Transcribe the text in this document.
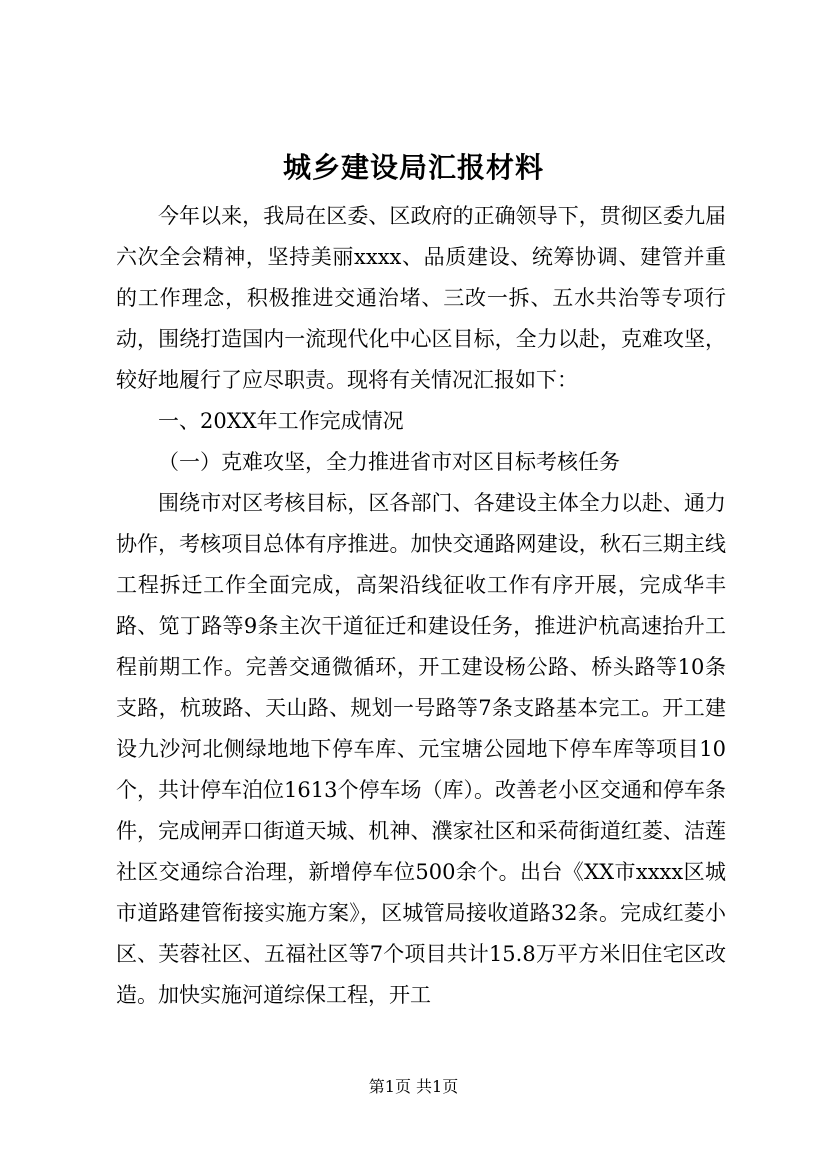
城乡建设局汇报材料

今年以来，我局在区委、区政府的正确领导下，贯彻区委九届六次全会精神，坚持美丽xxxx、品质建设、统筹协调、建管并重的工作理念，积极推进交通治堵、三改一拆、五水共治等专项行动，围绕打造国内一流现代化中心区目标，全力以赴，克难攻坚，较好地履行了应尽职责。现将有关情况汇报如下：

一、20XX年工作完成情况

（一）克难攻坚，全力推进省市对区目标考核任务

围绕市对区考核目标，区各部门、各建设主体全力以赴、通力协作，考核项目总体有序推进。加快交通路网建设，秋石三期主线工程拆迁工作全面完成，高架沿线征收工作有序开展，完成华丰路、笕丁路等9条主次干道征迁和建设任务，推进沪杭高速抬升工程前期工作。完善交通微循环，开工建设杨公路、桥头路等10条支路，杭玻路、天山路、规划一号路等7条支路基本完工。开工建设九沙河北侧绿地地下停车库、元宝塘公园地下停车库等项目10个，共计停车泊位1613个停车场（库）。改善老小区交通和停车条件，完成闸弄口街道天城、机神、濮家社区和采荷街道红菱、洁莲社区交通综合治理，新增停车位500余个。出台《XX市xxxx区城市道路建管衔接实施方案》，区城管局接收道路32条。完成红菱小区、芙蓉社区、五福社区等7个项目共计15.8万平方米旧住宅区改造。加快实施河道综保工程，开工

第1页 共1页
